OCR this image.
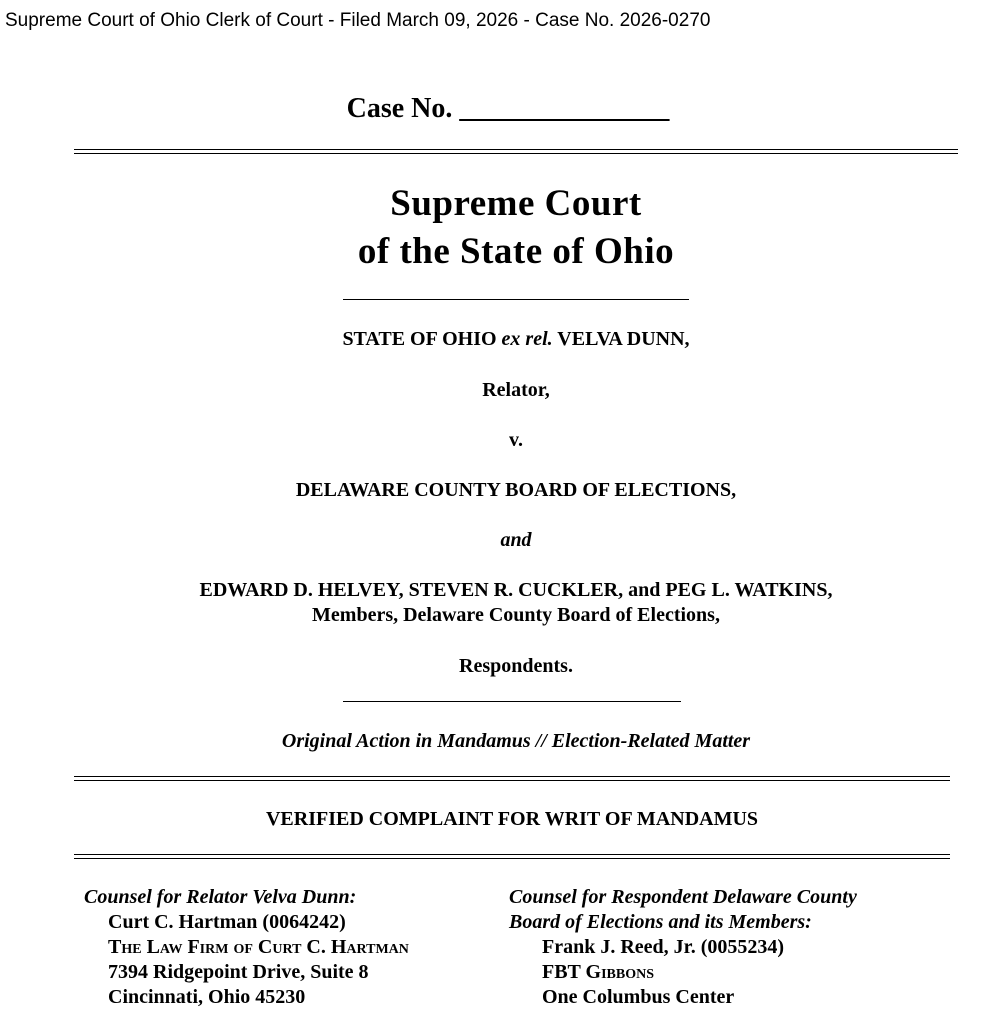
Supreme Court of Ohio Clerk of Court - Filed March 09, 2026 - Case No. 2026-0270
Case No. _______________
Supreme Court
of the State of Ohio
STATE OF OHIO ex rel. VELVA DUNN,
Relator,
v.
DELAWARE COUNTY BOARD OF ELECTIONS,
and
EDWARD D. HELVEY, STEVEN R. CUCKLER, and PEG L. WATKINS,
Members, Delaware County Board of Elections,
Respondents.
Original Action in Mandamus // Election-Related Matter
VERIFIED COMPLAINT FOR WRIT OF MANDAMUS
Counsel for Relator Velva Dunn:
Curt C. Hartman (0064242)
The Law Firm of Curt C. Hartman
7394 Ridgepoint Drive, Suite 8
Cincinnati, Ohio 45230
Counsel for Respondent Delaware County
Board of Elections and its Members:
Frank J. Reed, Jr. (0055234)
FBT Gibbons
One Columbus Center
